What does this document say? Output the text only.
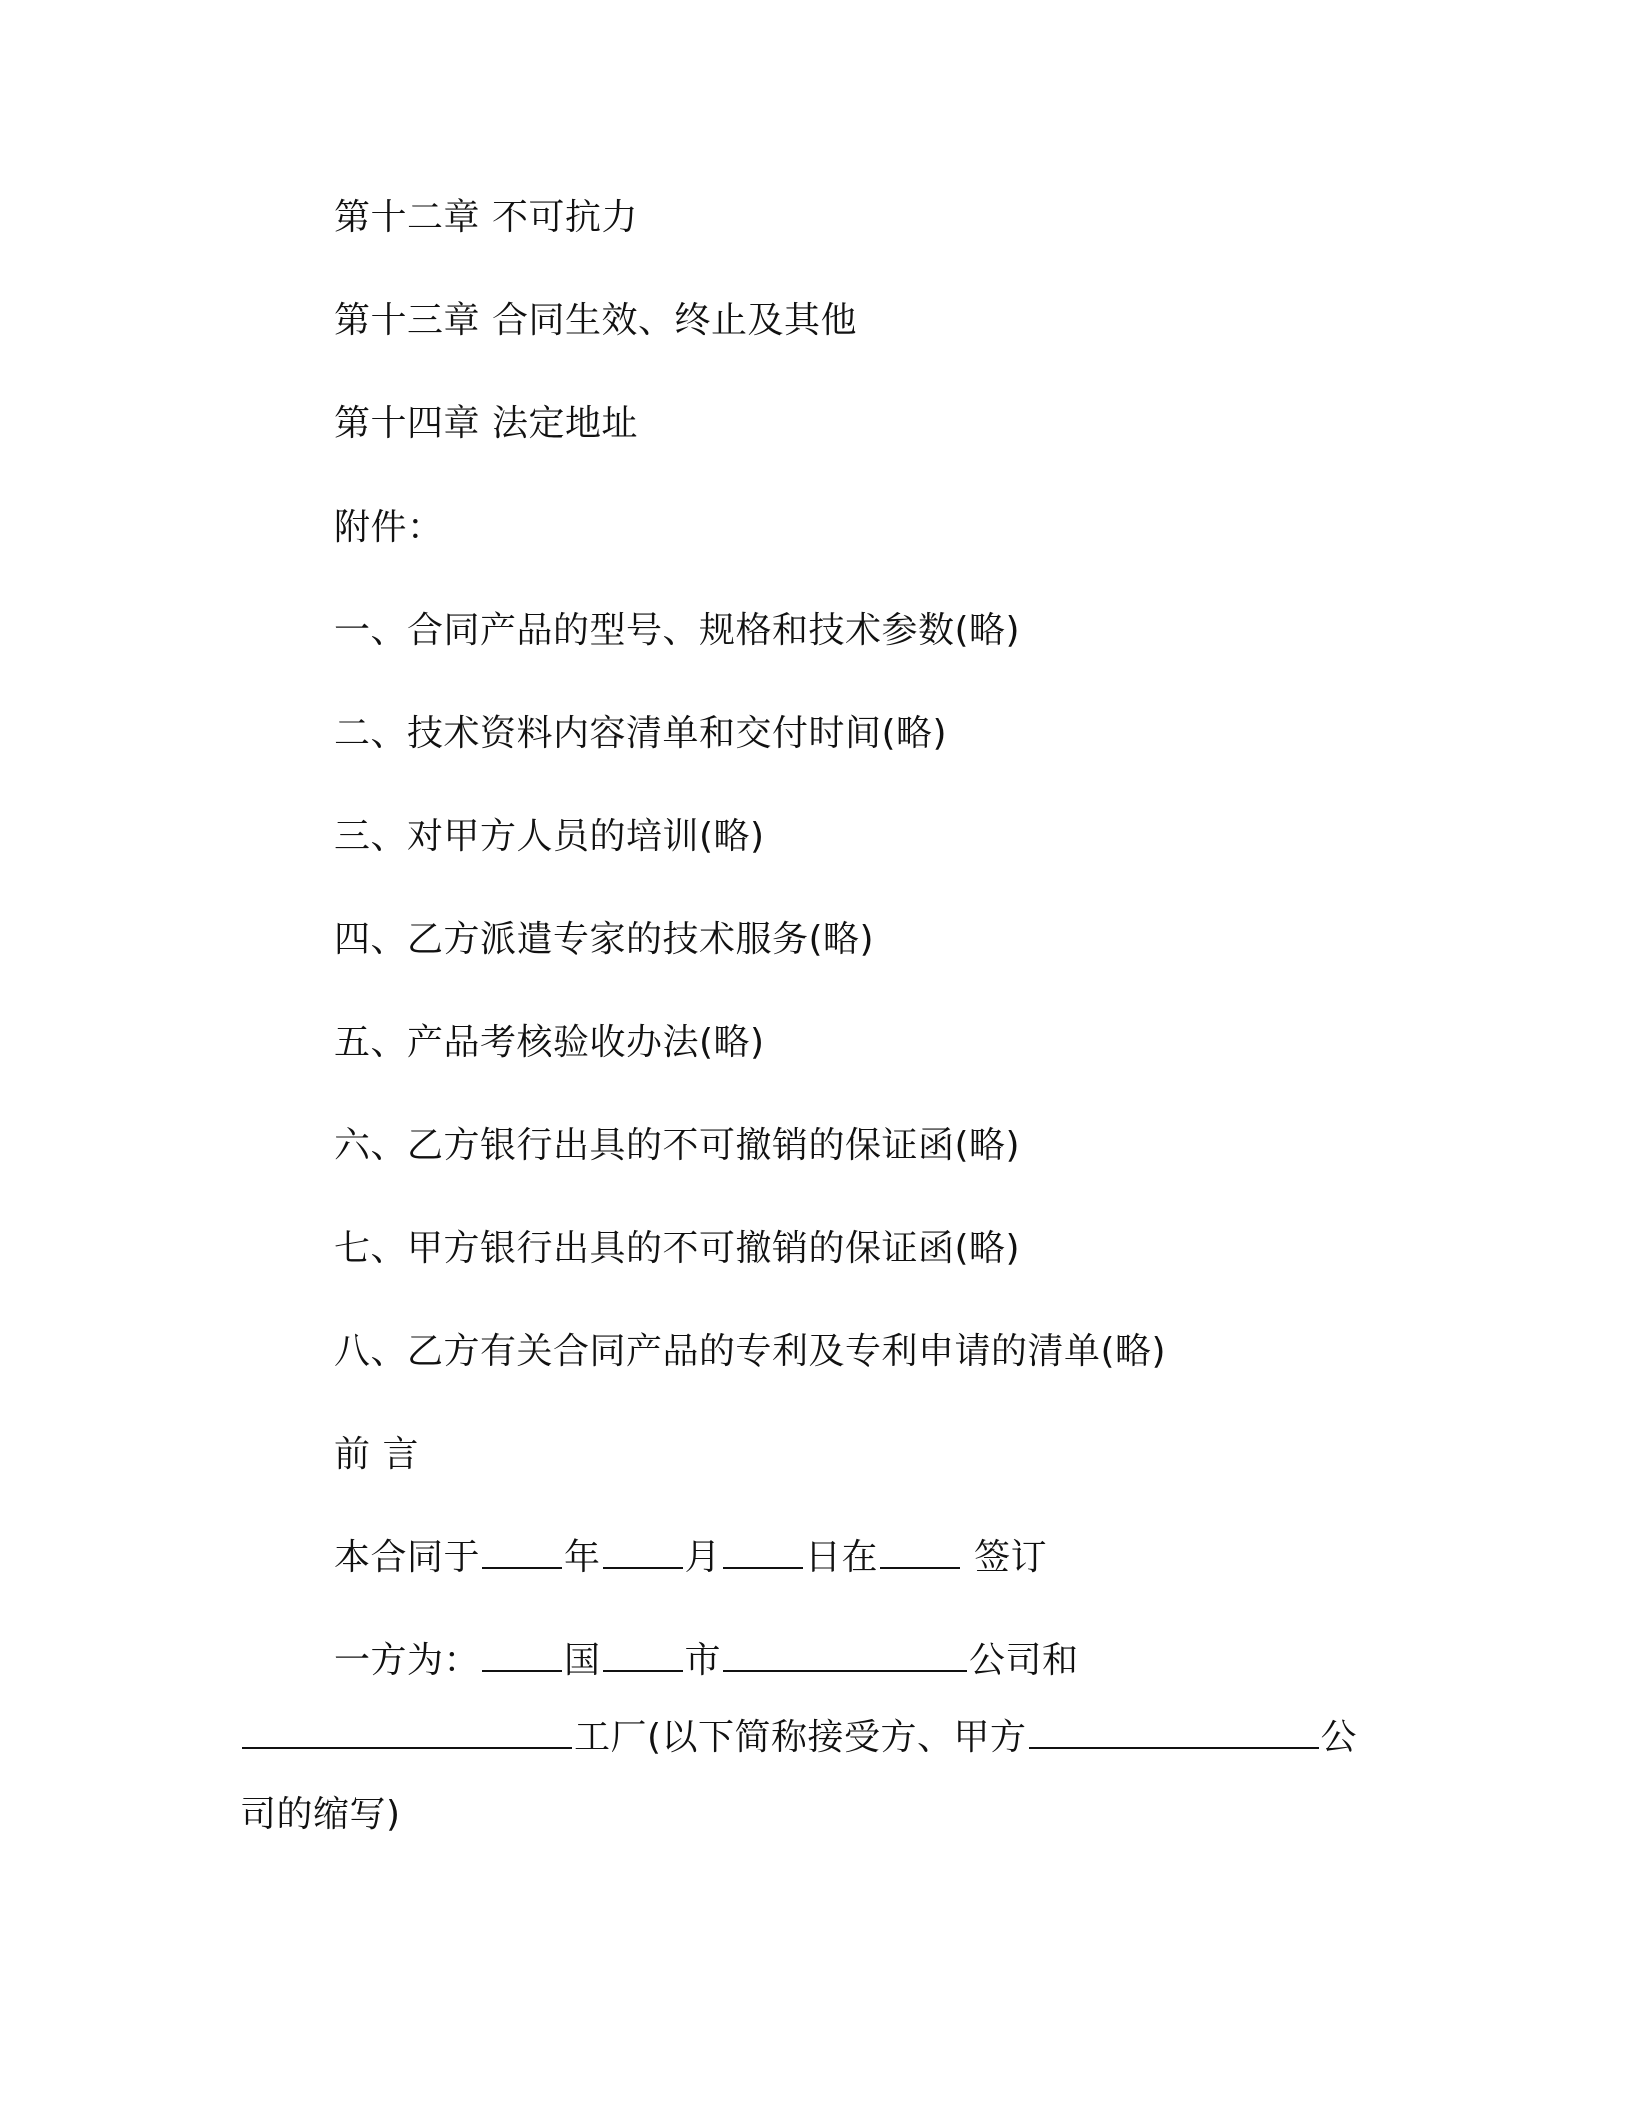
第十二章 不可抗力
第十三章 合同生效、终止及其他
第十四章 法定地址
附件：
一、合同产品的型号、规格和技术参数(略)
二、技术资料内容清单和交付时间(略)
三、对甲方人员的培训(略)
四、乙方派遣专家的技术服务(略)
五、产品考核验收办法(略)
六、乙方银行出具的不可撤销的保证函(略)
七、甲方银行出具的不可撤销的保证函(略)
八、乙方有关合同产品的专利及专利申请的清单(略)
前 言
本合同于 年 月 日在	签订
一方为： 国 市	公司和
工厂(以下简称接受方、甲方	公
司的缩写)
